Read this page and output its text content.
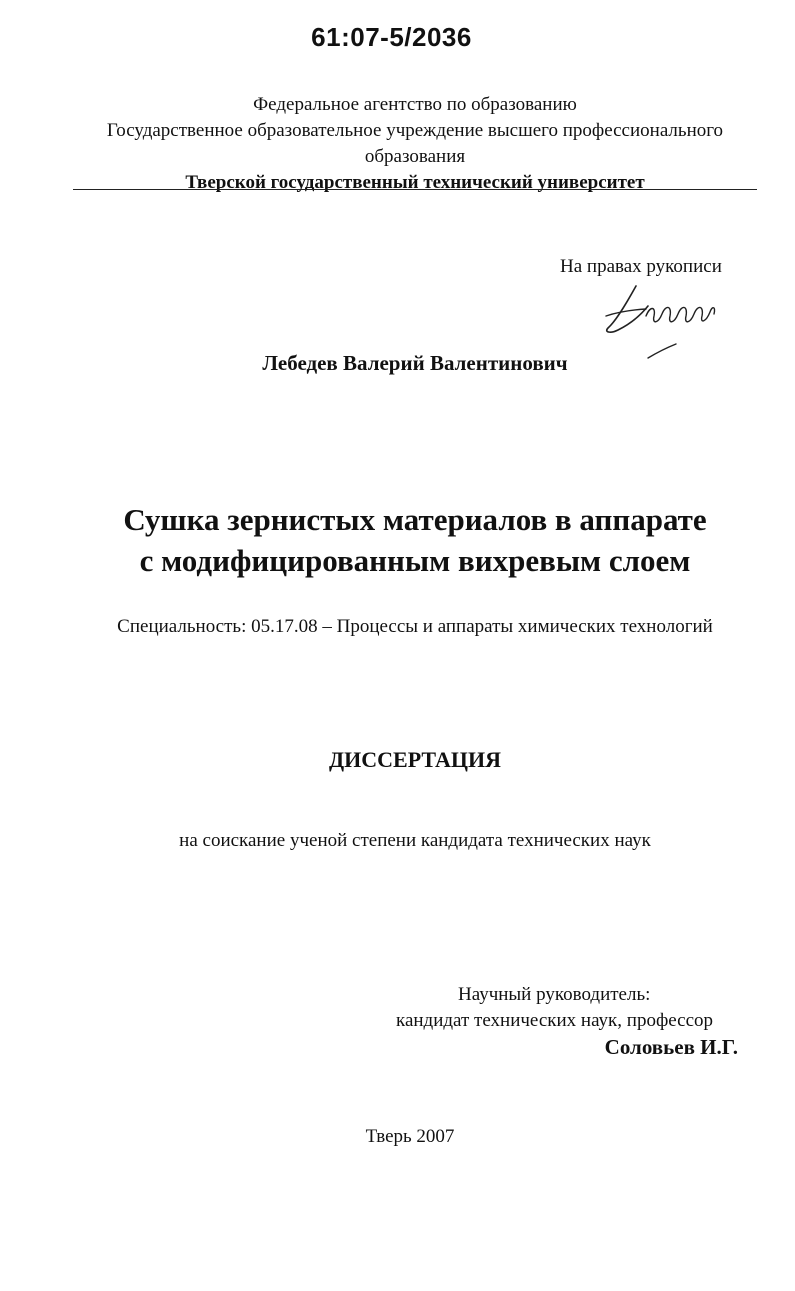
61:07-5/2036
Федеральное агентство по образованию
Государственное образовательное учреждение высшего профессионального
образования
Тверской государственный технический университет
На правах рукописи
Лебедев Валерий Валентинович
Сушка зернистых материалов в аппарате
с модифицированным вихревым слоем
Специальность: 05.17.08 – Процессы и аппараты химических технологий
ДИССЕРТАЦИЯ
на соискание ученой степени кандидата технических наук
Научный руководитель:
кандидат технических наук, профессор
Соловьев И.Г.
Тверь 2007
